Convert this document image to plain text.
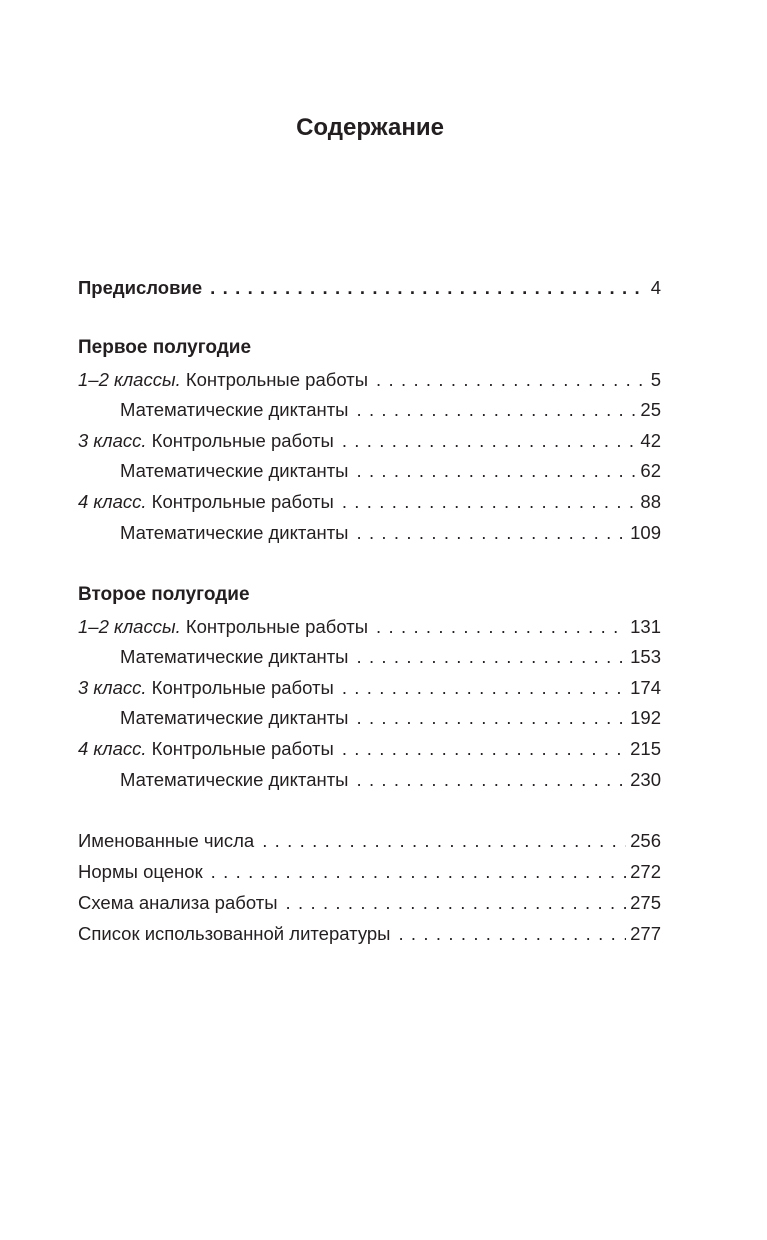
Содержание
Предисловие . . .	4
Первое полугодие
1–2 классы. Контрольные работы . . .	5
Математические диктанты . . .	25
3 класс. Контрольные работы . . .	42
Математические диктанты . . .	62
4 класс. Контрольные работы . . .	88
Математические диктанты . . .	109
Второе полугодие
1–2 классы. Контрольные работы . . .	131
Математические диктанты . . .	153
3 класс. Контрольные работы . . .	174
Математические диктанты . . .	192
4 класс. Контрольные работы . . .	215
Математические диктанты . . .	230
Именованные числа . . .	256
Нормы оценок . . .	272
Схема анализа работы . . .	275
Список использованной литературы . . .	277
